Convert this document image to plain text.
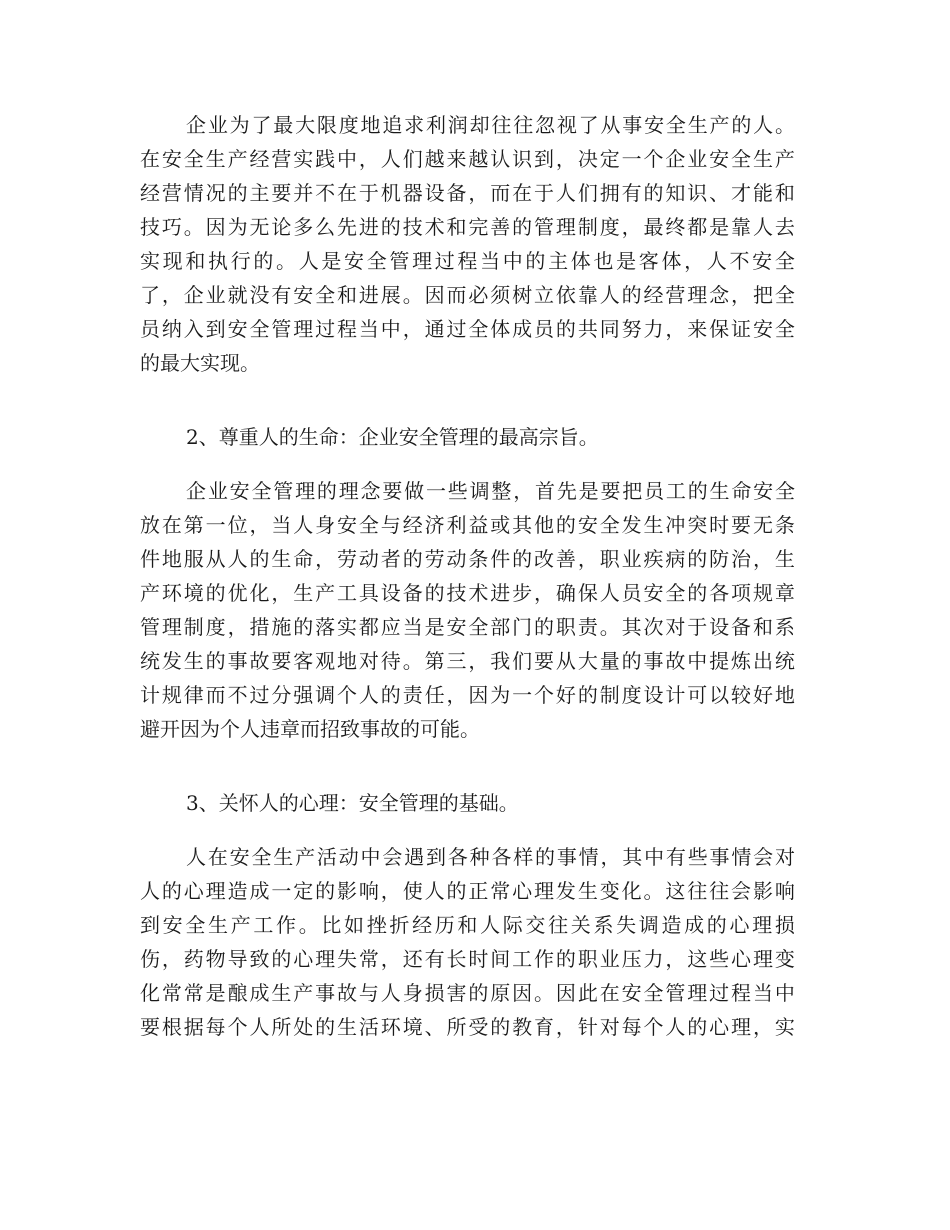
企 业 为 了 最 大 限 度 地 追 求 利 润 却 往 往 忽 视 了 从 事 安 全 生 产 的 人 。
在 安 全 生 产 经 营 实 践 中 ， 人 们 越 来 越 认 识 到 ， 决 定 一 个 企 业 安 全 生 产
经 营 情 况 的 主 要 并 不 在 于 机 器 设 备 ， 而 在 于 人 们 拥 有 的 知 识 、 才 能 和
技 巧 。 因 为 无 论 多 么 先 进 的 技 术 和 完 善 的 管 理 制 度 ， 最 终 都 是 靠 人 去
实 现 和 执 行 的 。 人 是 安 全 管 理 过 程 当 中 的 主 体 也 是 客 体 ， 人 不 安 全
了 ， 企 业 就 没 有 安 全 和 进 展 。 因 而 必 须 树 立 依 靠 人 的 经 营 理 念 ， 把 全
员 纳 入 到 安 全 管 理 过 程 当 中 ， 通 过 全 体 成 员 的 共 同 努 力 ， 来 保 证 安 全
的最大实现。
2、尊重人的生命：企业安全管理的最高宗旨。
企 业 安 全 管 理 的 理 念 要 做 一 些 调 整 ， 首 先 是 要 把 员 工 的 生 命 安 全
放 在 第 一 位 ， 当 人 身 安 全 与 经 济 利 益 或 其 他 的 安 全 发 生 冲 突 时 要 无 条
件 地 服 从 人 的 生 命 ， 劳 动 者 的 劳 动 条 件 的 改 善 ， 职 业 疾 病 的 防 治 ， 生
产 环 境 的 优 化 ， 生 产 工 具 设 备 的 技 术 进 步 ， 确 保 人 员 安 全 的 各 项 规 章
管 理 制 度 ， 措 施 的 落 实 都 应 当 是 安 全 部 门 的 职 责 。 其 次 对 于 设 备 和 系
统 发 生 的 事 故 要 客 观 地 对 待 。 第 三 ， 我 们 要 从 大 量 的 事 故 中 提 炼 出 统
计 规 律 而 不 过 分 强 调 个 人 的 责 任 ， 因 为 一 个 好 的 制 度 设 计 可 以 较 好 地
避开因为个人违章而招致事故的可能。
3、关怀人的心理：安全管理的基础。
人 在 安 全 生 产 活 动 中 会 遇 到 各 种 各 样 的 事 情 ， 其 中 有 些 事 情 会 对
人 的 心 理 造 成 一 定 的 影 响 ， 使 人 的 正 常 心 理 发 生 变 化 。 这 往 往 会 影 响
到 安 全 生 产 工 作 。 比 如 挫 折 经 历 和 人 际 交 往 关 系 失 调 造 成 的 心 理 损
伤 ， 药 物 导 致 的 心 理 失 常 ， 还 有 长 时 间 工 作 的 职 业 压 力 ， 这 些 心 理 变
化 常 常 是 酿 成 生 产 事 故 与 人 身 损 害 的 原 因 。 因 此 在 安 全 管 理 过 程 当 中
要 根 据 每 个 人 所 处 的 生 活 环 境 、 所 受 的 教 育 ， 针 对 每 个 人 的 心 理 ， 实
